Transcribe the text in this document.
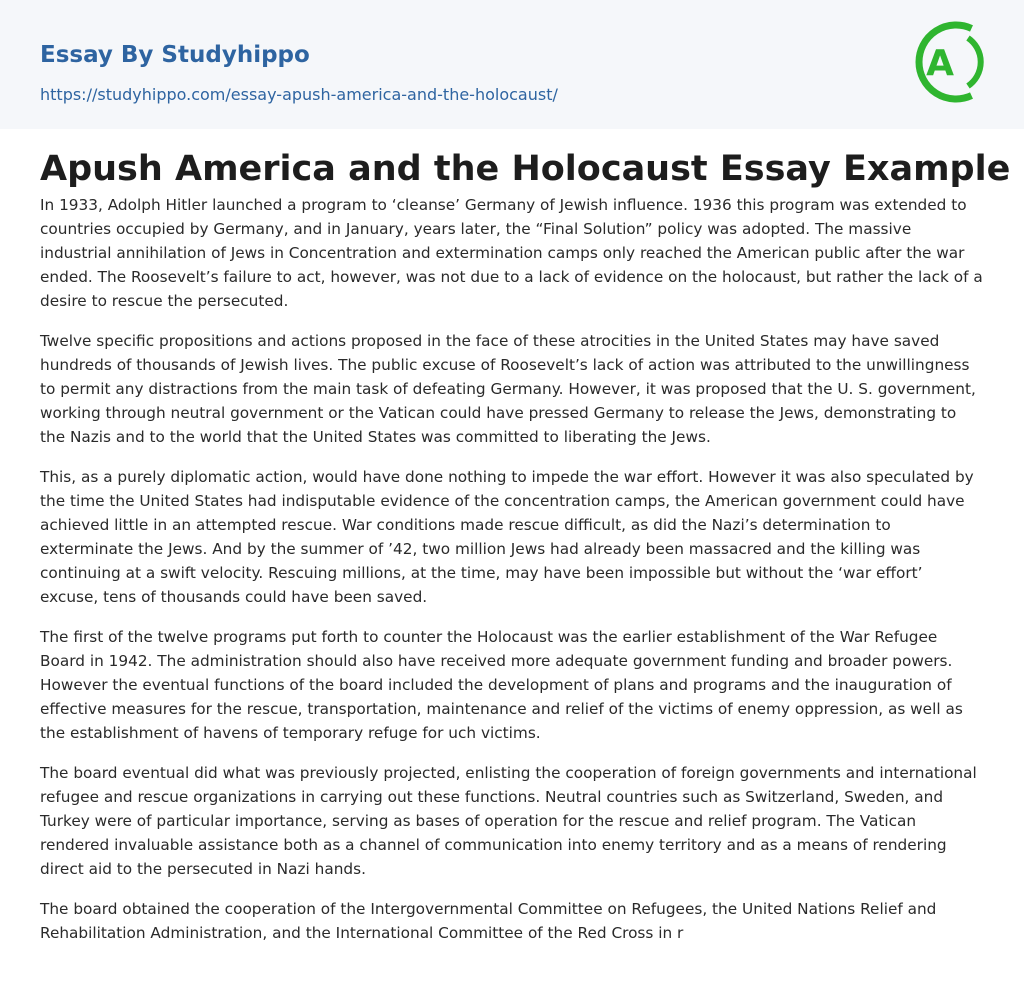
Essay By Studyhippo
https://studyhippo.com/essay-apush-america-and-the-holocaust/
A
Apush America and the Holocaust Essay Example

In 1933, Adolph Hitler launched a program to ‘cleanse’ Germany of Jewish influence. 1936 this program was extended to countries occupied by Germany, and in January, years later, the “Final Solution” policy was adopted. The massive industrial annihilation of Jews in Concentration and extermination camps only reached the American public after the war ended. The Roosevelt’s failure to act, however, was not due to a lack of evidence on the holocaust, but rather the lack of a desire to rescue the persecuted.

Twelve specific propositions and actions proposed in the face of these atrocities in the United States may have saved hundreds of thousands of Jewish lives. The public excuse of Roosevelt’s lack of action was attributed to the unwillingness to permit any distractions from the main task of defeating Germany. However, it was proposed that the U. S. government, working through neutral government or the Vatican could have pressed Germany to release the Jews, demonstrating to the Nazis and to the world that the United States was committed to liberating the Jews.

This, as a purely diplomatic action, would have done nothing to impede the war effort. However it was also speculated by the time the United States had indisputable evidence of the concentration camps, the American government could have achieved little in an attempted rescue. War conditions made rescue difficult, as did the Nazi’s determination to exterminate the Jews. And by the summer of ’42, two million Jews had already been massacred and the killing was continuing at a swift velocity. Rescuing millions, at the time, may have been impossible but without the ‘war effort’ excuse, tens of thousands could have been saved.

The first of the twelve programs put forth to counter the Holocaust was the earlier establishment of the War Refugee Board in 1942. The administration should also have received more adequate government funding and broader powers. However the eventual functions of the board included the development of plans and programs and the inauguration of effective measures for the rescue, transportation, maintenance and relief of the victims of enemy oppression, as well as the establishment of havens of temporary refuge for uch victims.

The board eventual did what was previously projected, enlisting the cooperation of foreign governments and international refugee and rescue organizations in carrying out these functions. Neutral countries such as Switzerland, Sweden, and Turkey were of particular importance, serving as bases of operation for the rescue and relief program. The Vatican rendered invaluable assistance both as a channel of communication into enemy territory and as a means of rendering direct aid to the persecuted in Nazi hands.

The board obtained the cooperation of the Intergovernmental Committee on Refugees, the United Nations Relief and Rehabilitation Administration, and the International Committee of the Red Cross in r
